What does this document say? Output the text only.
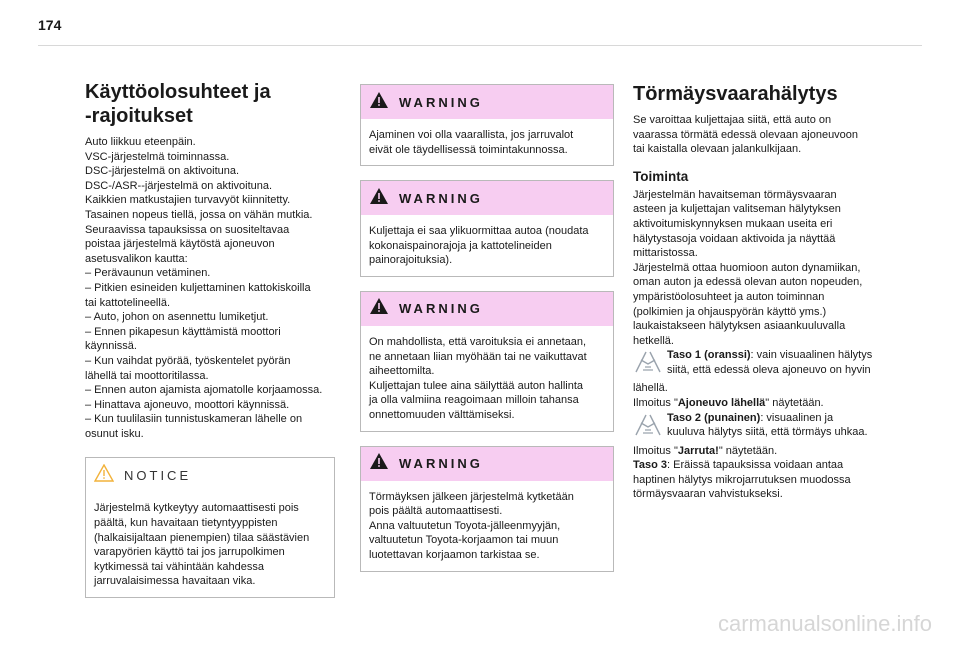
174
Käyttöolosuhteet ja
-rajoitukset

Auto liikkuu eteenpäin.
VSC-järjestelmä toiminnassa.
DSC-järjestelmä on aktivoituna.
DSC-/ASR--järjestelmä on aktivoituna.
Kaikkien matkustajien turvavyöt kiinnitetty.
Tasainen nopeus tiellä, jossa on vähän mutkia.
Seuraavissa tapauksissa on suositeltavaa
poistaa järjestelmä käytöstä ajoneuvon
asetusvalikon kautta:
– Perävaunun vetäminen.
– Pitkien esineiden kuljettaminen kattokiskoilla
tai kattotelineellä.
– Auto, johon on asennettu lumiketjut.
– Ennen pikapesun käyttämistä moottori
käynnissä.
– Kun vaihdat pyörää, työskentelet pyörän
lähellä tai moottoritilassa.
– Ennen auton ajamista ajomatolle korjaamossa.
– Hinattava ajoneuvo, moottori käynnissä.
– Kun tuulilasiin tunnistuskameran lähelle on
osunut isku.

NOTICE
Järjestelmä kytkeytyy automaattisesti pois
päältä, kun havaitaan tietyntyyppisten
(halkaisijaltaan pienempien) tilaa säästävien
varapyörien käyttö tai jos jarrupolkimen
kytkimessä tai vähintään kahdessa
jarruvalaisimessa havaitaan vika.
WARNING
Ajaminen voi olla vaarallista, jos jarruvalot
eivät ole täydellisessä toimintakunnossa.
WARNING
Kuljettaja ei saa ylikuormittaa autoa (noudata
kokonaispainorajoja ja kattotelineiden
painorajoituksia).
WARNING
On mahdollista, että varoituksia ei annetaan,
ne annetaan liian myöhään tai ne vaikuttavat
aiheettomilta.
Kuljettajan tulee aina säilyttää auton hallinta
ja olla valmiina reagoimaan milloin tahansa
onnettomuuden välttämiseksi.
WARNING
Törmäyksen jälkeen järjestelmä kytketään
pois päältä automaattisesti.
Anna valtuutetun Toyota-jälleenmyyjän,
valtuutetun Toyota-korjaamon tai muun
luotettavan korjaamon tarkistaa se.
Törmäysvaarahälytys

Se varoittaa kuljettajaa siitä, että auto on
vaarassa törmätä edessä olevaan ajoneuvoon
tai kaistalla olevaan jalankulkijaan.

Toiminta

Järjestelmän havaitseman törmäysvaaran
asteen ja kuljettajan valitseman hälytyksen
aktivoitumiskynnyksen mukaan useita eri
hälytystasoja voidaan aktivoida ja näyttää
mittaristossa.
Järjestelmä ottaa huomioon auton dynamiikan,
oman auton ja edessä olevan auton nopeuden,
ympäristöolosuhteet ja auton toiminnan
(polkimien ja ohjauspyörän käyttö yms.)
laukaistakseen hälytyksen asiaankuuluvalla
hetkellä.

Taso 1 (oranssi): vain visuaalinen hälytys
siitä, että edessä oleva ajoneuvo on hyvin
lähellä.
Ilmoitus "Ajoneuvo lähellä" näytetään.
Taso 2 (punainen): visuaalinen ja
kuuluva hälytys siitä, että törmäys uhkaa.
Ilmoitus "Jarruta!" näytetään.
Taso 3: Eräissä tapauksissa voidaan antaa
haptinen hälytys mikrojarrutuksen muodossa
törmäysvaaran vahvistukseksi.
carmanualsonline.info
